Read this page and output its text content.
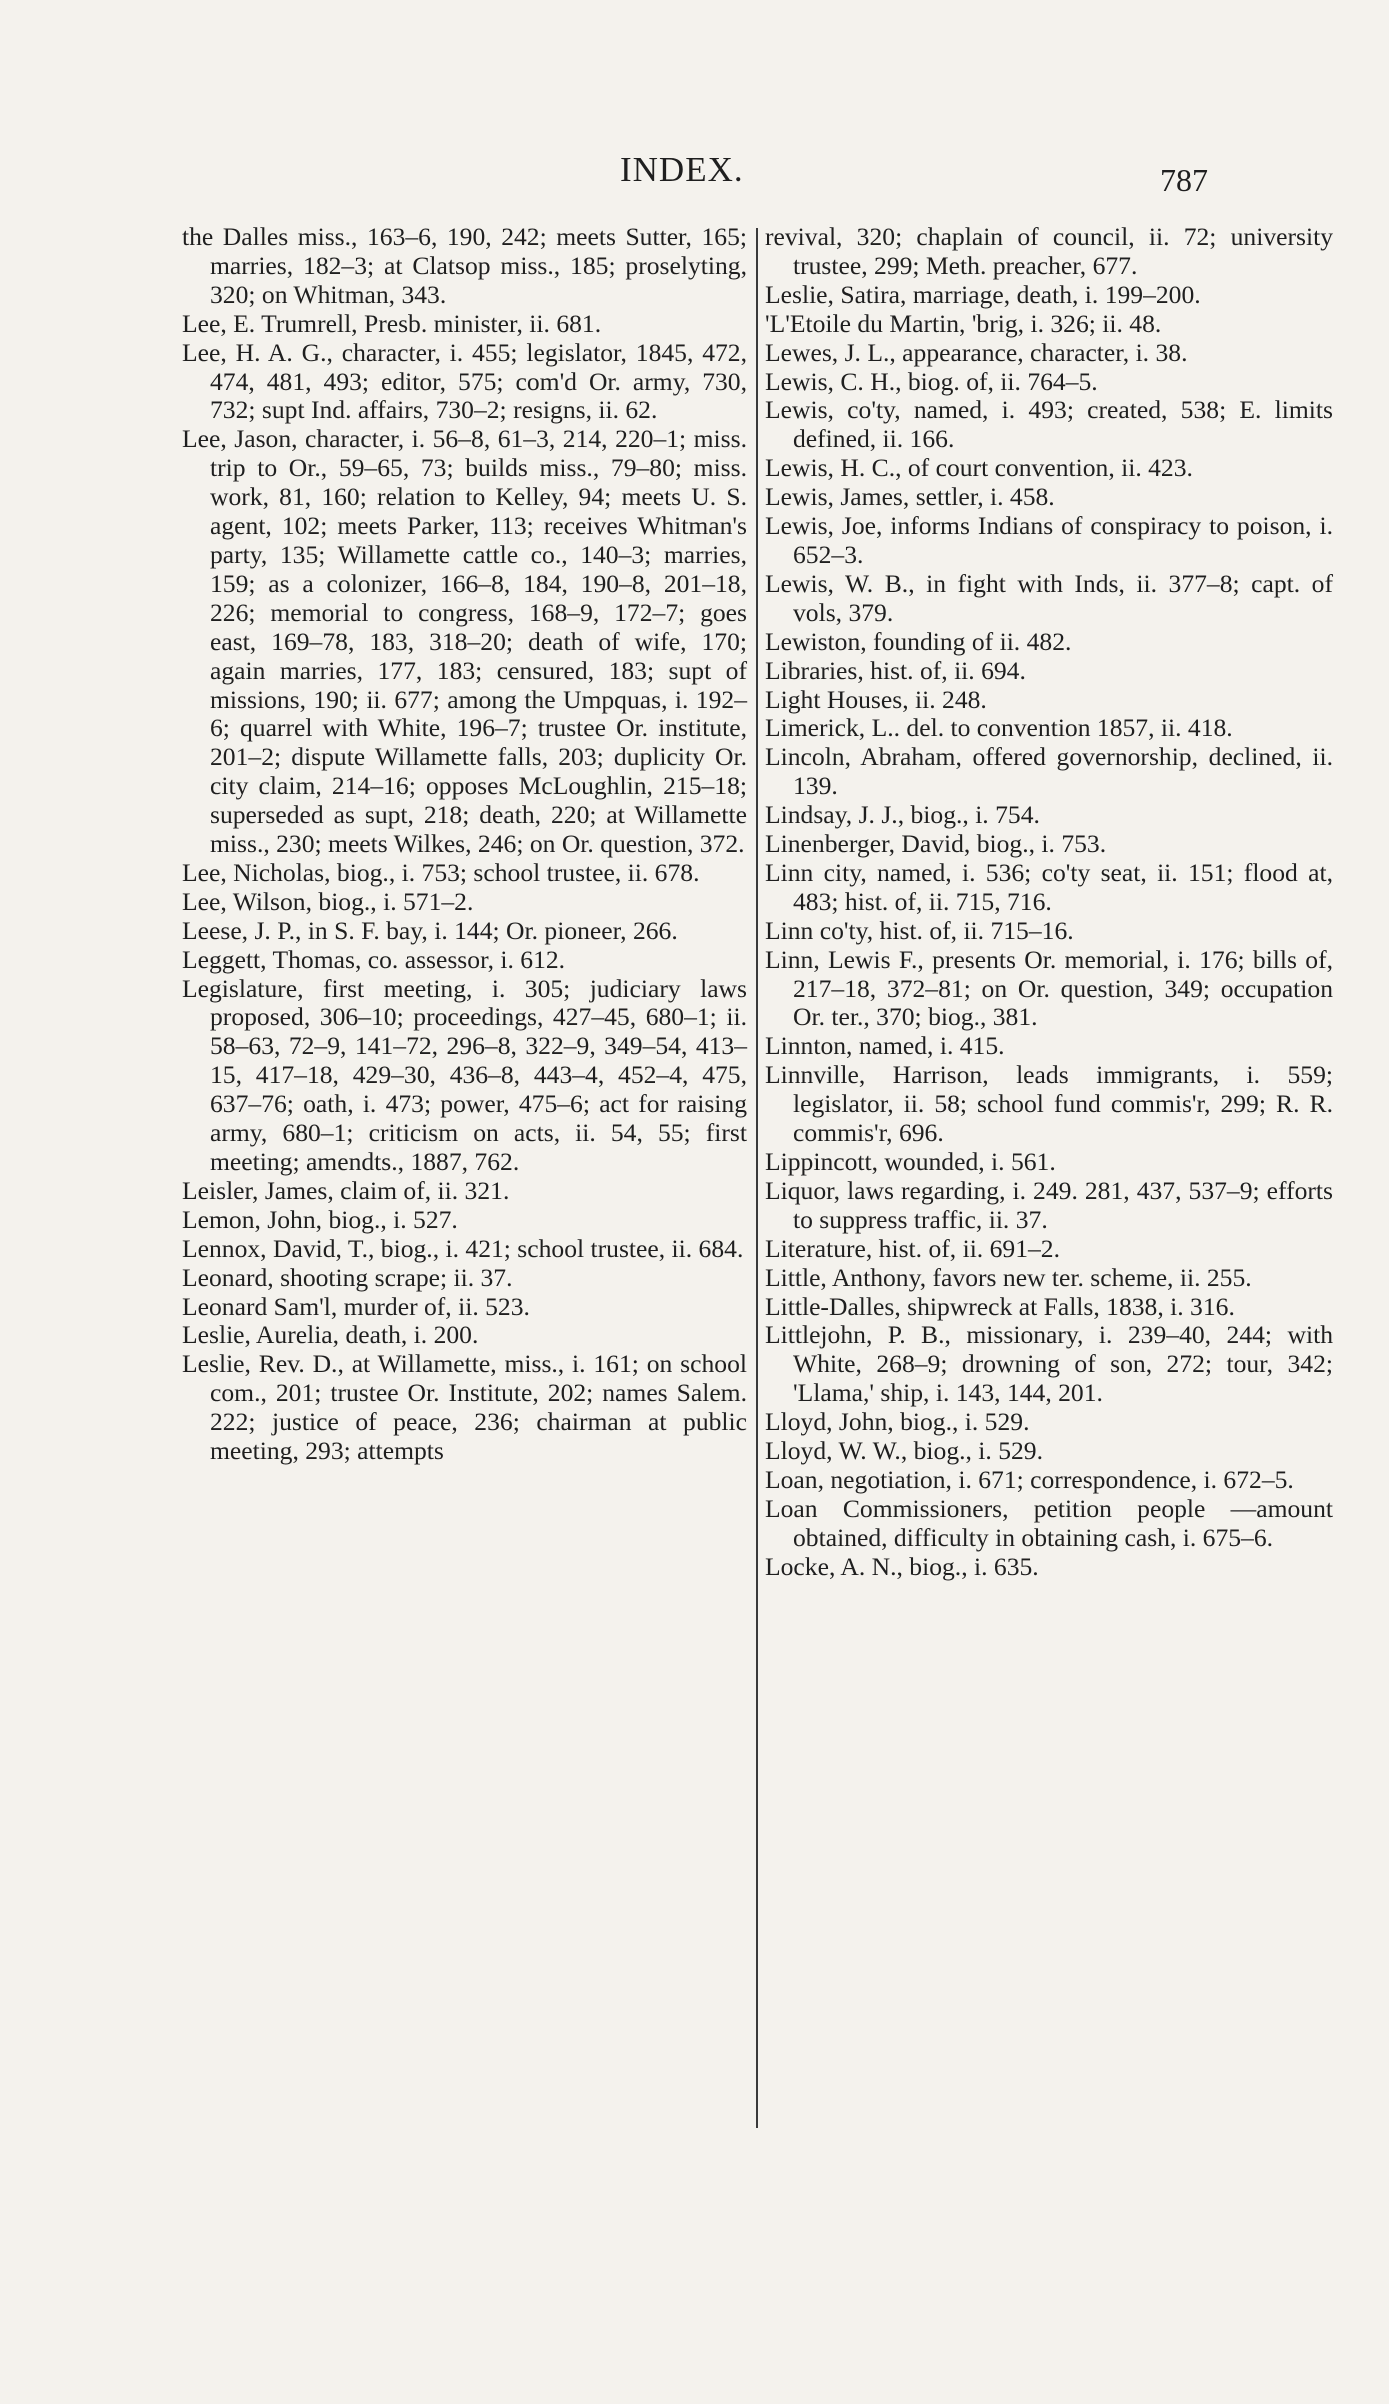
INDEX.	787

the Dalles miss., 163–6, 190, 242; meets Sutter, 165; marries, 182–3; at Clatsop miss., 185; proselyting, 320; on Whitman, 343.

Lee, E. Trumrell, Presb. minister, ii. 681.

Lee, H. A. G., character, i. 455; legislator, 1845, 472, 474, 481, 493; editor, 575; com'd Or. army, 730, 732; supt Ind. affairs, 730–2; resigns, ii. 62.

Lee, Jason, character, i. 56–8, 61–3, 214, 220–1; miss. trip to Or., 59–65, 73; builds miss., 79–80; miss. work, 81, 160; relation to Kelley, 94; meets U. S. agent, 102; meets Parker, 113; receives Whitman's party, 135; Willamette cattle co., 140–3; marries, 159; as a colonizer, 166–8, 184, 190–8, 201–18, 226; memorial to congress, 168–9, 172–7; goes east, 169–78, 183, 318–20; death of wife, 170; again marries, 177, 183; censured, 183; supt of missions, 190; ii. 677; among the Umpquas, i. 192–6; quarrel with White, 196–7; trustee Or. institute, 201–2; dispute Willamette falls, 203; duplicity Or. city claim, 214–16; opposes McLoughlin, 215–18; superseded as supt, 218; death, 220; at Willamette miss., 230; meets Wilkes, 246; on Or. question, 372.

Lee, Nicholas, biog., i. 753; school trustee, ii. 678.

Lee, Wilson, biog., i. 571–2.

Leese, J. P., in S. F. bay, i. 144; Or. pioneer, 266.

Leggett, Thomas, co. assessor, i. 612.

Legislature, first meeting, i. 305; judiciary laws proposed, 306–10; proceedings, 427–45, 680–1; ii. 58–63, 72–9, 141–72, 296–8, 322–9, 349–54, 413–15, 417–18, 429–30, 436–8, 443–4, 452–4, 475, 637–76; oath, i. 473; power, 475–6; act for raising army, 680–1; criticism on acts, ii. 54, 55; first meeting; amendts., 1887, 762.

Leisler, James, claim of, ii. 321.

Lemon, John, biog., i. 527.

Lennox, David, T., biog., i. 421; school trustee, ii. 684.

Leonard, shooting scrape; ii. 37.

Leonard Sam'l, murder of, ii. 523.

Leslie, Aurelia, death, i. 200.

Leslie, Rev. D., at Willamette, miss., i. 161; on school com., 201; trustee Or. Institute, 202; names Salem. 222; justice of peace, 236; chairman at public meeting, 293; attempts

revival, 320; chaplain of council, ii. 72; university trustee, 299; Meth. preacher, 677.

Leslie, Satira, marriage, death, i. 199–200.

'L'Etoile du Martin, 'brig, i. 326; ii. 48.

Lewes, J. L., appearance, character, i. 38.

Lewis, C. H., biog. of, ii. 764–5.

Lewis, co'ty, named, i. 493; created, 538; E. limits defined, ii. 166.

Lewis, H. C., of court convention, ii. 423.

Lewis, James, settler, i. 458.

Lewis, Joe, informs Indians of conspiracy to poison, i. 652–3.

Lewis, W. B., in fight with Inds, ii. 377–8; capt. of vols, 379.

Lewiston, founding of ii. 482.

Libraries, hist. of, ii. 694.

Light Houses, ii. 248.

Limerick, L.. del. to convention 1857, ii. 418.

Lincoln, Abraham, offered governorship, declined, ii. 139.

Lindsay, J. J., biog., i. 754.

Linenberger, David, biog., i. 753.

Linn city, named, i. 536; co'ty seat, ii. 151; flood at, 483; hist. of, ii. 715, 716.

Linn co'ty, hist. of, ii. 715–16.

Linn, Lewis F., presents Or. memorial, i. 176; bills of, 217–18, 372–81; on Or. question, 349; occupation Or. ter., 370; biog., 381.

Linnton, named, i. 415.

Linnville, Harrison, leads immigrants, i. 559; legislator, ii. 58; school fund commis'r, 299; R. R. commis'r, 696.

Lippincott, wounded, i. 561.

Liquor, laws regarding, i. 249. 281, 437, 537–9; efforts to suppress traffic, ii. 37.

Literature, hist. of, ii. 691–2.

Little, Anthony, favors new ter. scheme, ii. 255.

Little-Dalles, shipwreck at Falls, 1838, i. 316.

Littlejohn, P. B., missionary, i. 239–40, 244; with White, 268–9; drowning of son, 272; tour, 342; 'Llama,' ship, i. 143, 144, 201.

Lloyd, John, biog., i. 529.

Lloyd, W. W., biog., i. 529.

Loan, negotiation, i. 671; correspondence, i. 672–5.

Loan Commissioners, petition people —amount obtained, difficulty in obtaining cash, i. 675–6.

Locke, A. N., biog., i. 635.
